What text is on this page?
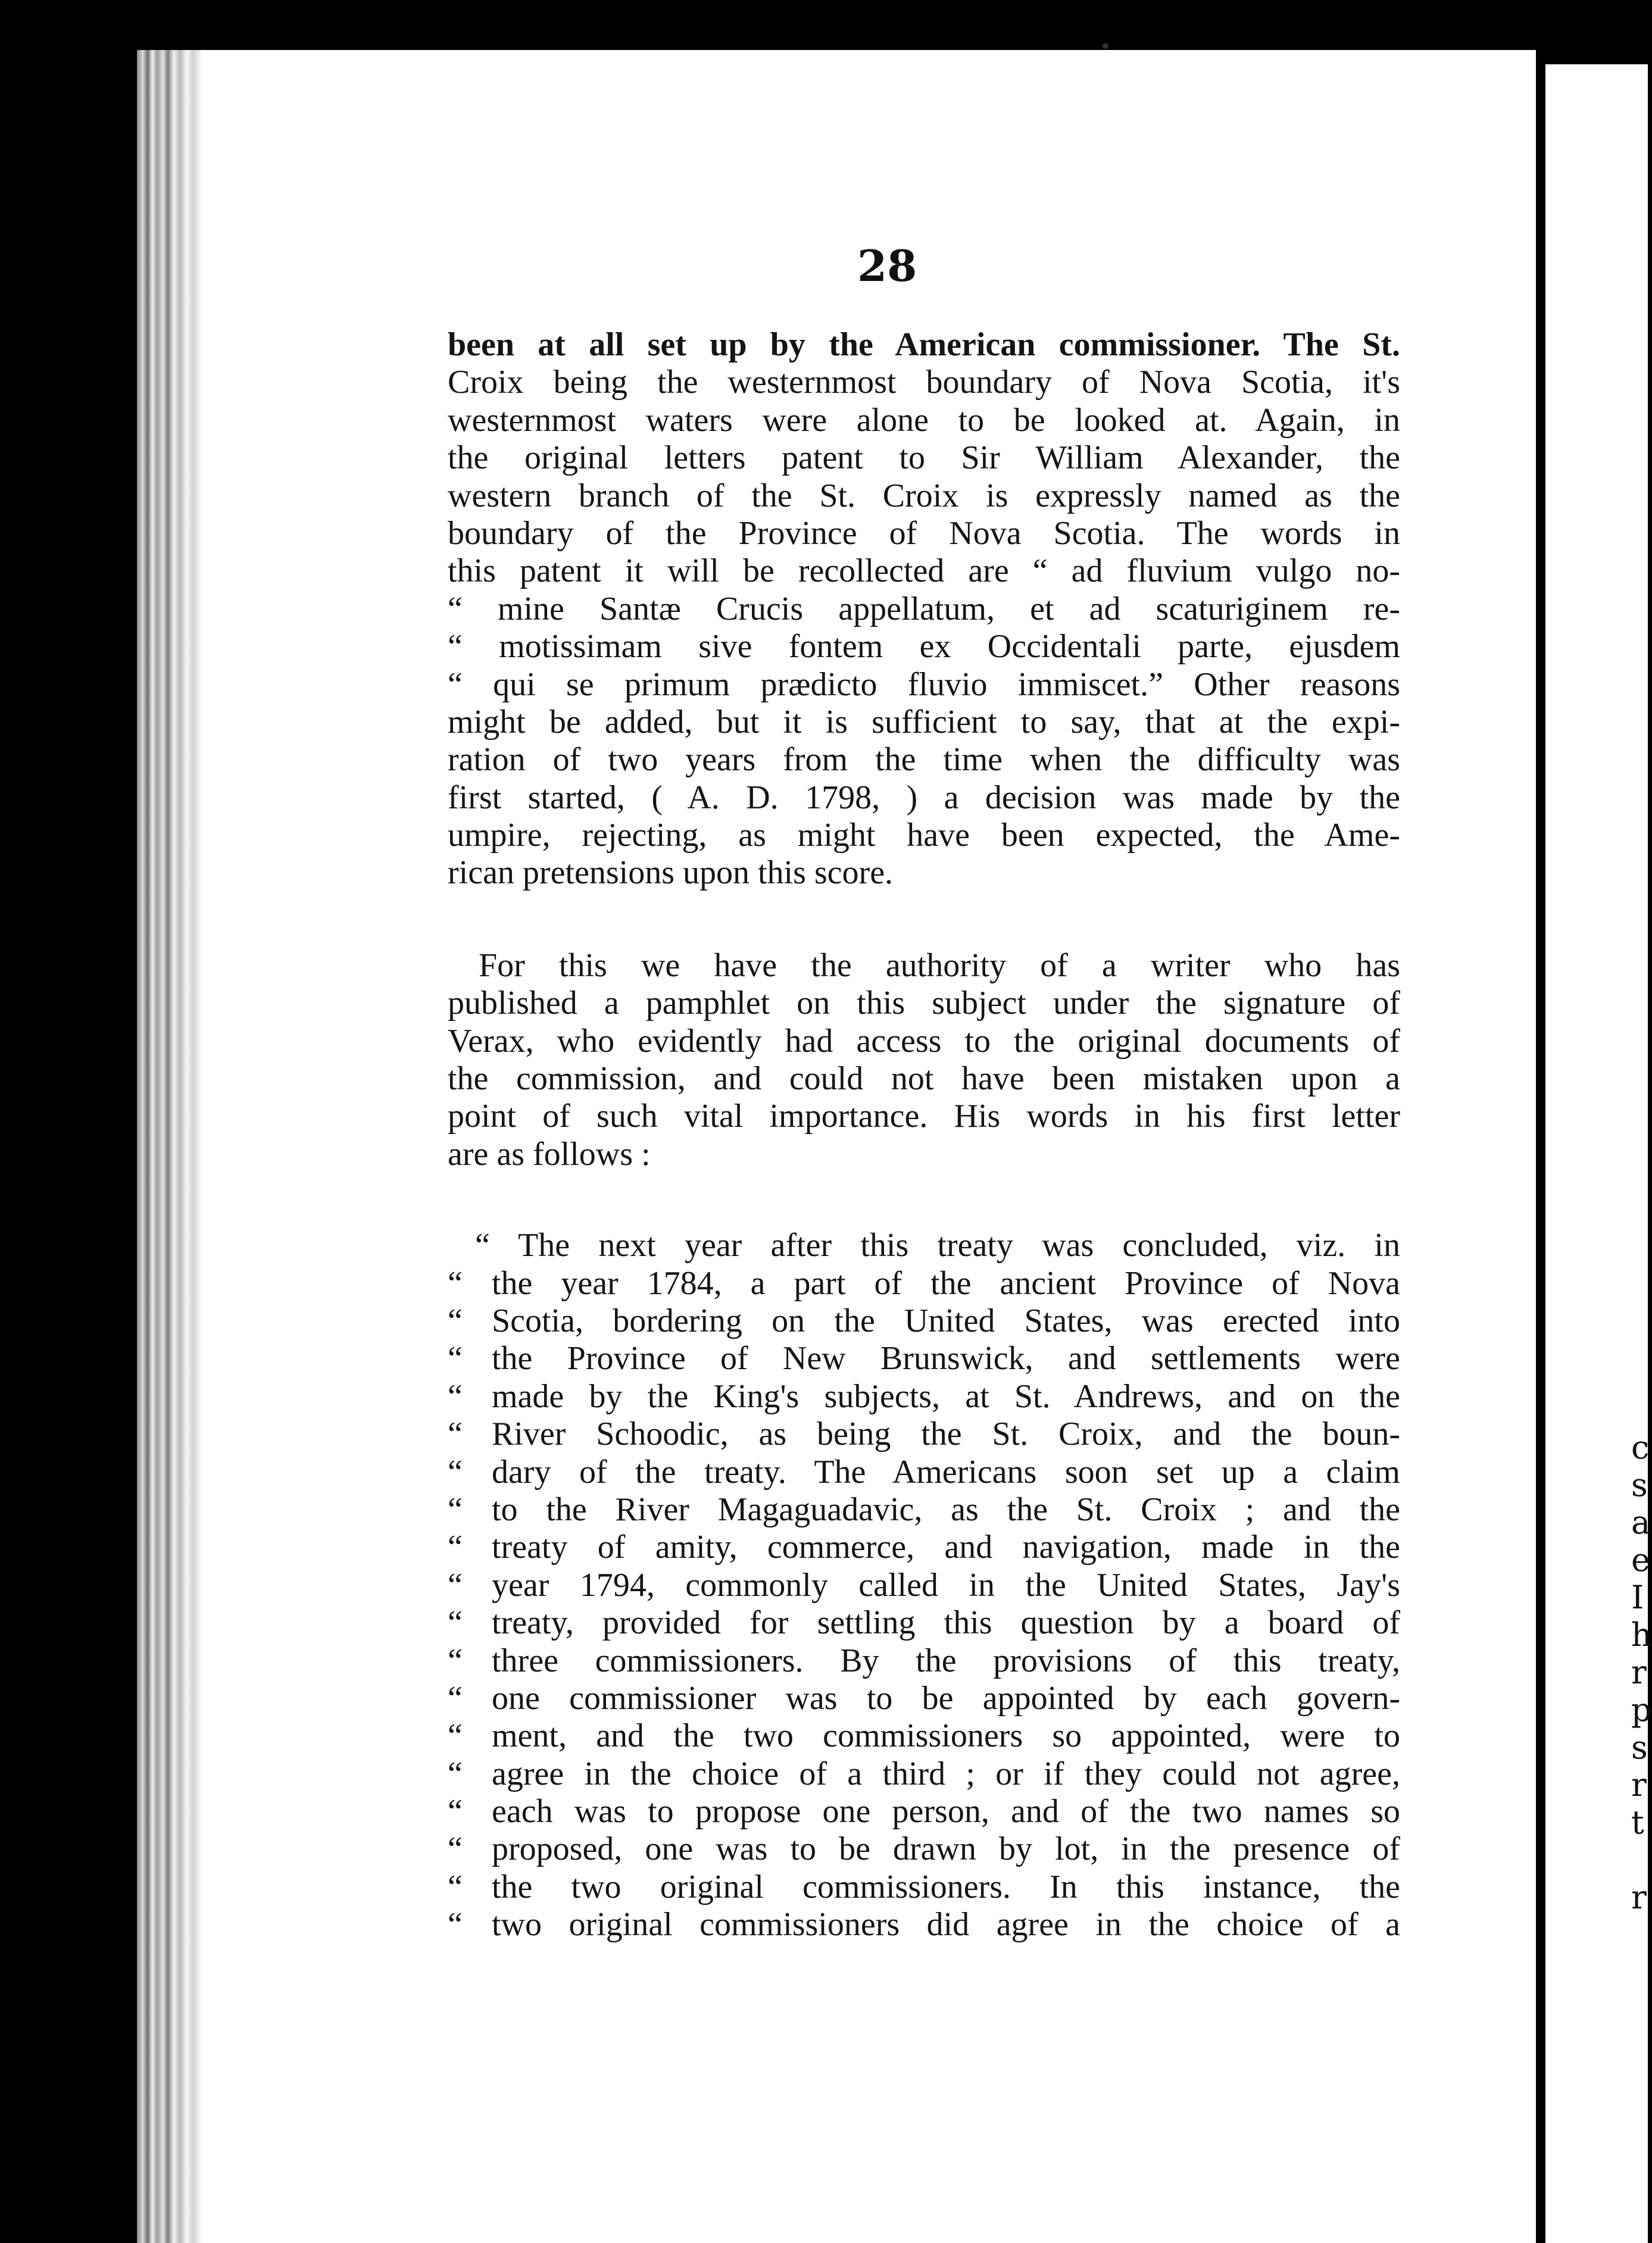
c
s
a
e
I
h
r
p
s
r
t
r
28
been at all set up by the American commissioner. The St.
Croix being the westernmost boundary of Nova Scotia, it's
westernmost waters were alone to be looked at. Again, in
the original letters patent to Sir William Alexander, the
western branch of the St. Croix is expressly named as the
boundary of the Province of Nova Scotia. The words in
this patent it will be recollected are “ ad fluvium vulgo no-
“ mine Santæ Crucis appellatum, et ad scaturiginem re-
“ motissimam sive fontem ex Occidentali parte, ejusdem
“ qui se primum prædicto fluvio immiscet.” Other reasons
might be added, but it is sufficient to say, that at the expi-
ration of two years from the time when the difficulty was
first started, ( A. D. 1798, ) a decision was made by the
umpire, rejecting, as might have been expected, the Ame-
rican pretensions upon this score.
For this we have the authority of a writer who has
published a pamphlet on this subject under the signature of
Verax, who evidently had access to the original documents of
the commission, and could not have been mistaken upon a
point of such vital importance. His words in his first letter
are as follows :
“ The next year after this treaty was concluded, viz. in
“ the year 1784, a part of the ancient Province of Nova
“ Scotia, bordering on the United States, was erected into
“ the Province of New Brunswick, and settlements were
“ made by the King's subjects, at St. Andrews, and on the
“ River Schoodic, as being the St. Croix, and the boun-
“ dary of the treaty. The Americans soon set up a claim
“ to the River Magaguadavic, as the St. Croix ; and the
“ treaty of amity, commerce, and navigation, made in the
“ year 1794, commonly called in the United States, Jay's
“ treaty, provided for settling this question by a board of
“ three commissioners. By the provisions of this treaty,
“ one commissioner was to be appointed by each govern-
“ ment, and the two commissioners so appointed, were to
“ agree in the choice of a third ; or if they could not agree,
“ each was to propose one person, and of the two names so
“ proposed, one was to be drawn by lot, in the presence of
“ the two original commissioners. In this instance, the
“ two original commissioners did agree in the choice of a
